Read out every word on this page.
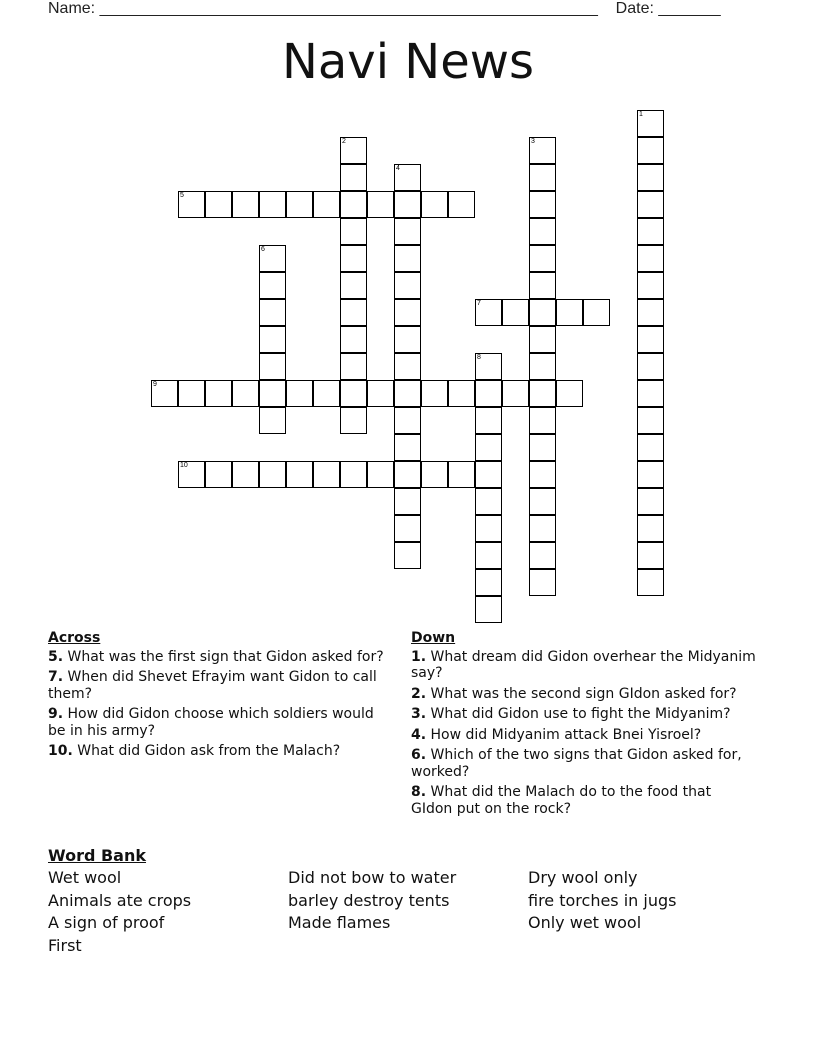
Name: ________________________________________________________ Date: _______
Navi News
1
2	3
4
5
6
7
8
9
10
Across
5. What was the first sign that Gidon asked for?
7. When did Shevet Efrayim want Gidon to call them?
9. How did Gidon choose which soldiers would be in his army?
10. What did Gidon ask from the Malach?
Down
1. What dream did Gidon overhear the Midyanim say?
2. What was the second sign GIdon asked for?
3. What did Gidon use to fight the Midyanim?
4. How did Midyanim attack Bnei Yisroel?
6. Which of the two signs that Gidon asked for, worked?
8. What did the Malach do to the food that GIdon put on the rock?
Word Bank
Wet wool
Animals ate crops
A sign of proof
First
Did not bow to water
barley destroy tents
Made flames
Dry wool only
fire torches in jugs
Only wet wool
